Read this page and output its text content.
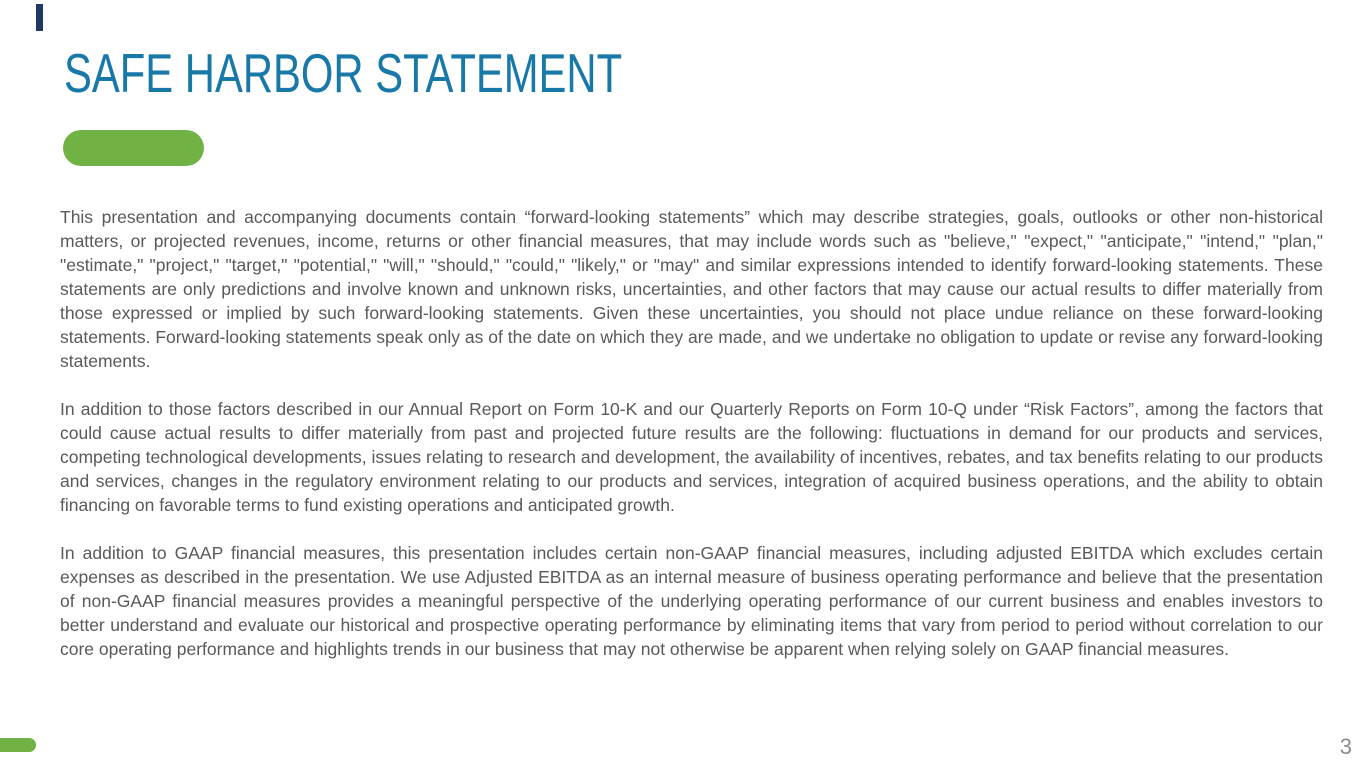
SAFE HARBOR STATEMENT

This presentation and accompanying documents contain “forward-looking statements” which may describe strategies, goals, outlooks or other non-historical matters, or projected revenues, income, returns or other financial measures, that may include words such as "believe," "expect," "anticipate," "intend," "plan," "estimate," "project," "target," "potential," "will," "should," "could," "likely," or "may" and similar expressions intended to identify forward-looking statements. These statements are only predictions and involve known and unknown risks, uncertainties, and other factors that may cause our actual results to differ materially from those expressed or implied by such forward-looking statements. Given these uncertainties, you should not place undue reliance on these forward-looking statements. Forward-looking statements speak only as of the date on which they are made, and we undertake no obligation to update or revise any forward-looking statements.

In addition to those factors described in our Annual Report on Form 10-K and our Quarterly Reports on Form 10-Q under “Risk Factors”, among the factors that could cause actual results to differ materially from past and projected future results are the following: fluctuations in demand for our products and services, competing technological developments, issues relating to research and development, the availability of incentives, rebates, and tax benefits relating to our products and services, changes in the regulatory environment relating to our products and services, integration of acquired business operations, and the ability to obtain financing on favorable terms to fund existing operations and anticipated growth.

In addition to GAAP financial measures, this presentation includes certain non-GAAP financial measures, including adjusted EBITDA which excludes certain expenses as described in the presentation. We use Adjusted EBITDA as an internal measure of business operating performance and believe that the presentation of non-GAAP financial measures provides a meaningful perspective of the underlying operating performance of our current business and enables investors to better understand and evaluate our historical and prospective operating performance by eliminating items that vary from period to period without correlation to our core operating performance and highlights trends in our business that may not otherwise be apparent when relying solely on GAAP financial measures.

3
